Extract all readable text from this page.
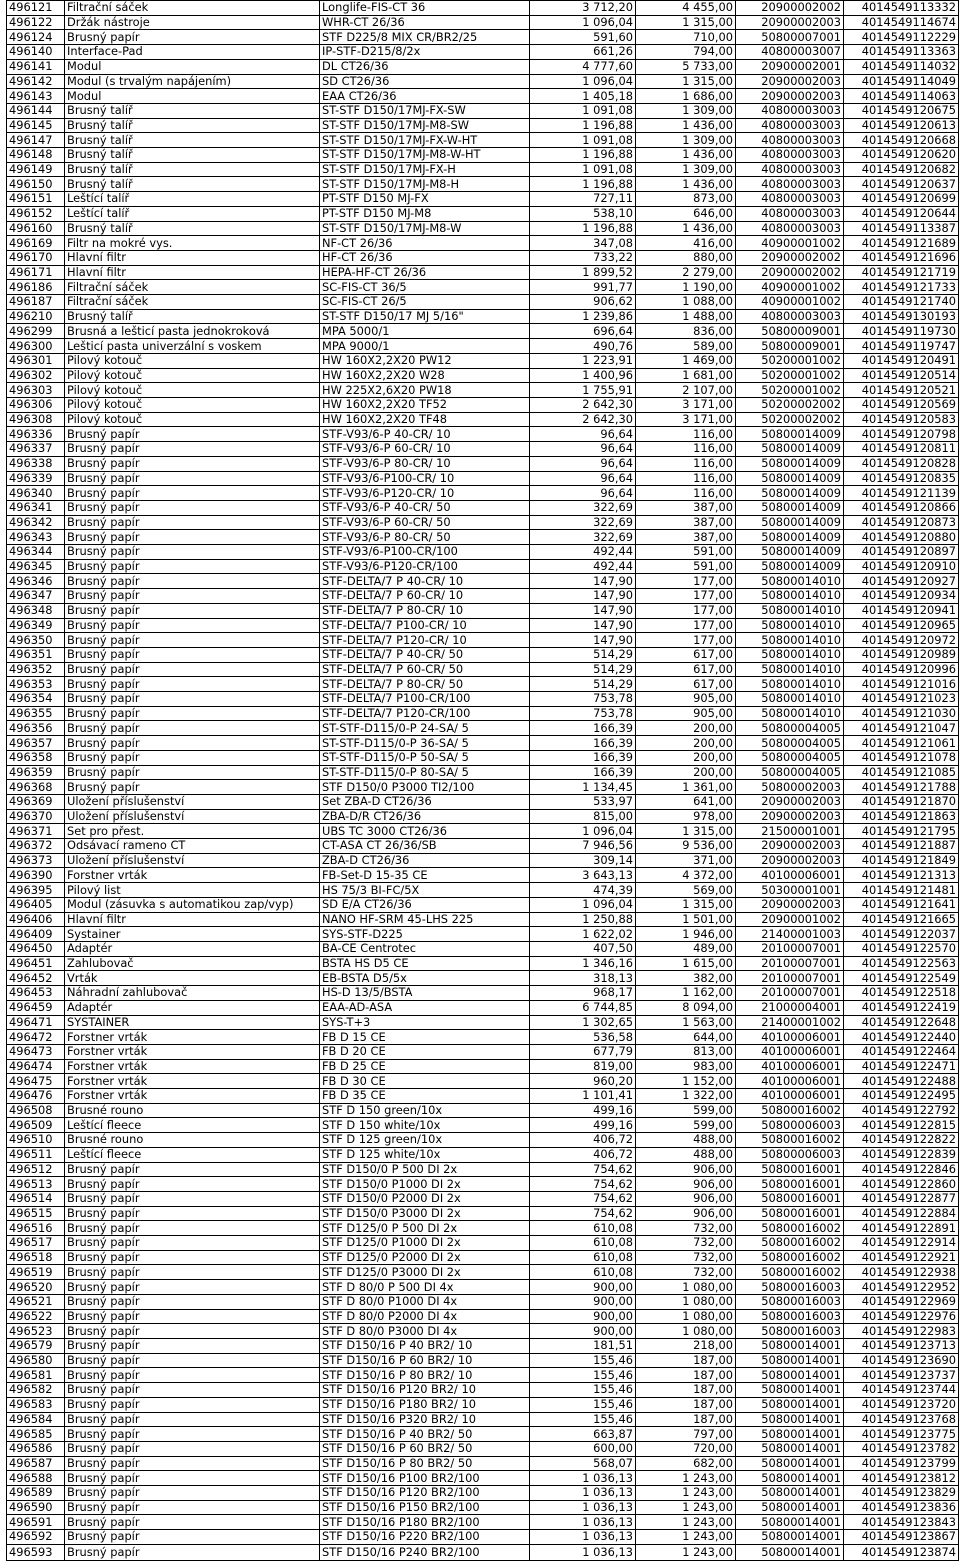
496121	Filtrační sáček	Longlife-FIS-CT 36	3 712,20	4 455,00	20900002002	4014549113332
496122	Držák nástroje	WHR-CT 26/36	1 096,04	1 315,00	20900002003	4014549114674
496124	Brusný papír	STF D225/8 MIX CR/BR2/25	591,60	710,00	50800007001	4014549112229
496140	Interface-Pad	IP-STF-D215/8/2x	661,26	794,00	40800003007	4014549113363
496141	Modul	DL CT26/36	4 777,60	5 733,00	20900002001	4014549114032
496142	Modul (s trvalým napájením)	SD CT26/36	1 096,04	1 315,00	20900002003	4014549114049
496143	Modul	EAA CT26/36	1 405,18	1 686,00	20900002003	4014549114063
496144	Brusný talíř	ST-STF D150/17MJ-FX-SW	1 091,08	1 309,00	40800003003	4014549120675
496145	Brusný talíř	ST-STF D150/17MJ-M8-SW	1 196,88	1 436,00	40800003003	4014549120613
496147	Brusný talíř	ST-STF D150/17MJ-FX-W-HT	1 091,08	1 309,00	40800003003	4014549120668
496148	Brusný talíř	ST-STF D150/17MJ-M8-W-HT	1 196,88	1 436,00	40800003003	4014549120620
496149	Brusný talíř	ST-STF D150/17MJ-FX-H	1 091,08	1 309,00	40800003003	4014549120682
496150	Brusný talíř	ST-STF D150/17MJ-M8-H	1 196,88	1 436,00	40800003003	4014549120637
496151	Leštící talíř	PT-STF D150 MJ-FX	727,11	873,00	40800003003	4014549120699
496152	Leštící talíř	PT-STF D150 MJ-M8	538,10	646,00	40800003003	4014549120644
496160	Brusný talíř	ST-STF D150/17MJ-M8-W	1 196,88	1 436,00	40800003003	4014549113387
496169	Filtr na mokré vys.	NF-CT 26/36	347,08	416,00	40900001002	4014549121689
496170	Hlavní filtr	HF-CT 26/36	733,22	880,00	20900002002	4014549121696
496171	Hlavní filtr	HEPA-HF-CT 26/36	1 899,52	2 279,00	20900002002	4014549121719
496186	Filtrační sáček	SC-FIS-CT 36/5	991,77	1 190,00	40900001002	4014549121733
496187	Filtrační sáček	SC-FIS-CT 26/5	906,62	1 088,00	40900001002	4014549121740
496210	Brusný talíř	ST-STF D150/17 MJ 5/16"	1 239,86	1 488,00	40800003003	4014549130193
496299	Brusná a lešticí pasta jednokroková	MPA 5000/1	696,64	836,00	50800009001	4014549119730
496300	Lešticí pasta univerzální s voskem	MPA 9000/1	490,76	589,00	50800009001	4014549119747
496301	Pilový kotouč	HW 160X2,2X20 PW12	1 223,91	1 469,00	50200001002	4014549120491
496302	Pilový kotouč	HW 160X2,2X20 W28	1 400,96	1 681,00	50200001002	4014549120514
496303	Pilový kotouč	HW 225X2,6X20 PW18	1 755,91	2 107,00	50200001002	4014549120521
496306	Pilový kotouč	HW 160X2,2X20 TF52	2 642,30	3 171,00	50200002002	4014549120569
496308	Pilový kotouč	HW 160X2,2X20 TF48	2 642,30	3 171,00	50200002002	4014549120583
496336	Brusný papír	STF-V93/6-P 40-CR/ 10	96,64	116,00	50800014009	4014549120798
496337	Brusný papír	STF-V93/6-P 60-CR/ 10	96,64	116,00	50800014009	4014549120811
496338	Brusný papír	STF-V93/6-P 80-CR/ 10	96,64	116,00	50800014009	4014549120828
496339	Brusný papír	STF-V93/6-P100-CR/ 10	96,64	116,00	50800014009	4014549120835
496340	Brusný papír	STF-V93/6-P120-CR/ 10	96,64	116,00	50800014009	4014549121139
496341	Brusný papír	STF-V93/6-P 40-CR/ 50	322,69	387,00	50800014009	4014549120866
496342	Brusný papír	STF-V93/6-P 60-CR/ 50	322,69	387,00	50800014009	4014549120873
496343	Brusný papír	STF-V93/6-P 80-CR/ 50	322,69	387,00	50800014009	4014549120880
496344	Brusný papír	STF-V93/6-P100-CR/100	492,44	591,00	50800014009	4014549120897
496345	Brusný papír	STF-V93/6-P120-CR/100	492,44	591,00	50800014009	4014549120910
496346	Brusný papír	STF-DELTA/7 P 40-CR/ 10	147,90	177,00	50800014010	4014549120927
496347	Brusný papír	STF-DELTA/7 P 60-CR/ 10	147,90	177,00	50800014010	4014549120934
496348	Brusný papír	STF-DELTA/7 P 80-CR/ 10	147,90	177,00	50800014010	4014549120941
496349	Brusný papír	STF-DELTA/7 P100-CR/ 10	147,90	177,00	50800014010	4014549120965
496350	Brusný papír	STF-DELTA/7 P120-CR/ 10	147,90	177,00	50800014010	4014549120972
496351	Brusný papír	STF-DELTA/7 P 40-CR/ 50	514,29	617,00	50800014010	4014549120989
496352	Brusný papír	STF-DELTA/7 P 60-CR/ 50	514,29	617,00	50800014010	4014549120996
496353	Brusný papír	STF-DELTA/7 P 80-CR/ 50	514,29	617,00	50800014010	4014549121016
496354	Brusný papír	STF-DELTA/7 P100-CR/100	753,78	905,00	50800014010	4014549121023
496355	Brusný papír	STF-DELTA/7 P120-CR/100	753,78	905,00	50800014010	4014549121030
496356	Brusný papír	ST-STF-D115/0-P 24-SA/ 5	166,39	200,00	50800004005	4014549121047
496357	Brusný papír	ST-STF-D115/0-P 36-SA/ 5	166,39	200,00	50800004005	4014549121061
496358	Brusný papír	ST-STF-D115/0-P 50-SA/ 5	166,39	200,00	50800004005	4014549121078
496359	Brusný papír	ST-STF-D115/0-P 80-SA/ 5	166,39	200,00	50800004005	4014549121085
496368	Brusný papír	STF D150/0 P3000 TI2/100	1 134,45	1 361,00	50800002003	4014549121788
496369	Uložení příslušenství	Set ZBA-D CT26/36	533,97	641,00	20900002003	4014549121870
496370	Uložení příslušenství	ZBA-D/R CT26/36	815,00	978,00	20900002003	4014549121863
496371	Set pro přest.	UBS TC 3000 CT26/36	1 096,04	1 315,00	21500001001	4014549121795
496372	Odsávací rameno CT	CT-ASA CT 26/36/SB	7 946,56	9 536,00	20900002003	4014549121887
496373	Uložení příslušenství	ZBA-D CT26/36	309,14	371,00	20900002003	4014549121849
496390	Forstner vrták	FB-Set-D 15-35 CE	3 643,13	4 372,00	40100006001	4014549121313
496395	Pilový list	HS 75/3 BI-FC/5X	474,39	569,00	50300001001	4014549121481
496405	Modul (zásuvka s automatikou zap/vyp)	SD E/A CT26/36	1 096,04	1 315,00	20900002003	4014549121641
496406	Hlavní filtr	NANO HF-SRM 45-LHS 225	1 250,88	1 501,00	20900001002	4014549121665
496409	Systainer	SYS-STF-D225	1 622,02	1 946,00	21400001003	4014549122037
496450	Adaptér	BA-CE Centrotec	407,50	489,00	20100007001	4014549122570
496451	Zahlubovač	BSTA HS D5 CE	1 346,16	1 615,00	20100007001	4014549122563
496452	Vrták	EB-BSTA D5/5x	318,13	382,00	20100007001	4014549122549
496453	Náhradní zahlubovač	HS-D 13/5/BSTA	968,17	1 162,00	20100007001	4014549122518
496459	Adaptér	EAA-AD-ASA	6 744,85	8 094,00	21000004001	4014549122419
496471	SYSTAINER	SYS-T+3	1 302,65	1 563,00	21400001002	4014549122648
496472	Forstner vrták	FB D 15 CE	536,58	644,00	40100006001	4014549122440
496473	Forstner vrták	FB D 20 CE	677,79	813,00	40100006001	4014549122464
496474	Forstner vrták	FB D 25 CE	819,00	983,00	40100006001	4014549122471
496475	Forstner vrták	FB D 30 CE	960,20	1 152,00	40100006001	4014549122488
496476	Forstner vrták	FB D 35 CE	1 101,41	1 322,00	40100006001	4014549122495
496508	Brusné rouno	STF D 150 green/10x	499,16	599,00	50800016002	4014549122792
496509	Leštící fleece	STF D 150 white/10x	499,16	599,00	50800006003	4014549122815
496510	Brusné rouno	STF D 125 green/10x	406,72	488,00	50800016002	4014549122822
496511	Leštící fleece	STF D 125 white/10x	406,72	488,00	50800006003	4014549122839
496512	Brusný papír	STF D150/0 P 500 DI 2x	754,62	906,00	50800016001	4014549122846
496513	Brusný papír	STF D150/0 P1000 DI 2x	754,62	906,00	50800016001	4014549122860
496514	Brusný papír	STF D150/0 P2000 DI 2x	754,62	906,00	50800016001	4014549122877
496515	Brusný papír	STF D150/0 P3000 DI 2x	754,62	906,00	50800016001	4014549122884
496516	Brusný papír	STF D125/0 P 500 DI 2x	610,08	732,00	50800016002	4014549122891
496517	Brusný papír	STF D125/0 P1000 DI 2x	610,08	732,00	50800016002	4014549122914
496518	Brusný papír	STF D125/0 P2000 DI 2x	610,08	732,00	50800016002	4014549122921
496519	Brusný papír	STF D125/0 P3000 DI 2x	610,08	732,00	50800016002	4014549122938
496520	Brusný papír	STF D 80/0 P 500 DI 4x	900,00	1 080,00	50800016003	4014549122952
496521	Brusný papír	STF D 80/0 P1000 DI 4x	900,00	1 080,00	50800016003	4014549122969
496522	Brusný papír	STF D 80/0 P2000 DI 4x	900,00	1 080,00	50800016003	4014549122976
496523	Brusný papír	STF D 80/0 P3000 DI 4x	900,00	1 080,00	50800016003	4014549122983
496579	Brusný papír	STF D150/16 P 40 BR2/ 10	181,51	218,00	50800014001	4014549123713
496580	Brusný papír	STF D150/16 P 60 BR2/ 10	155,46	187,00	50800014001	4014549123690
496581	Brusný papír	STF D150/16 P 80 BR2/ 10	155,46	187,00	50800014001	4014549123737
496582	Brusný papír	STF D150/16 P120 BR2/ 10	155,46	187,00	50800014001	4014549123744
496583	Brusný papír	STF D150/16 P180 BR2/ 10	155,46	187,00	50800014001	4014549123720
496584	Brusný papír	STF D150/16 P320 BR2/ 10	155,46	187,00	50800014001	4014549123768
496585	Brusný papír	STF D150/16 P 40 BR2/ 50	663,87	797,00	50800014001	4014549123775
496586	Brusný papír	STF D150/16 P 60 BR2/ 50	600,00	720,00	50800014001	4014549123782
496587	Brusný papír	STF D150/16 P 80 BR2/ 50	568,07	682,00	50800014001	4014549123799
496588	Brusný papír	STF D150/16 P100 BR2/100	1 036,13	1 243,00	50800014001	4014549123812
496589	Brusný papír	STF D150/16 P120 BR2/100	1 036,13	1 243,00	50800014001	4014549123829
496590	Brusný papír	STF D150/16 P150 BR2/100	1 036,13	1 243,00	50800014001	4014549123836
496591	Brusný papír	STF D150/16 P180 BR2/100	1 036,13	1 243,00	50800014001	4014549123843
496592	Brusný papír	STF D150/16 P220 BR2/100	1 036,13	1 243,00	50800014001	4014549123867
496593	Brusný papír	STF D150/16 P240 BR2/100	1 036,13	1 243,00	50800014001	4014549123874
